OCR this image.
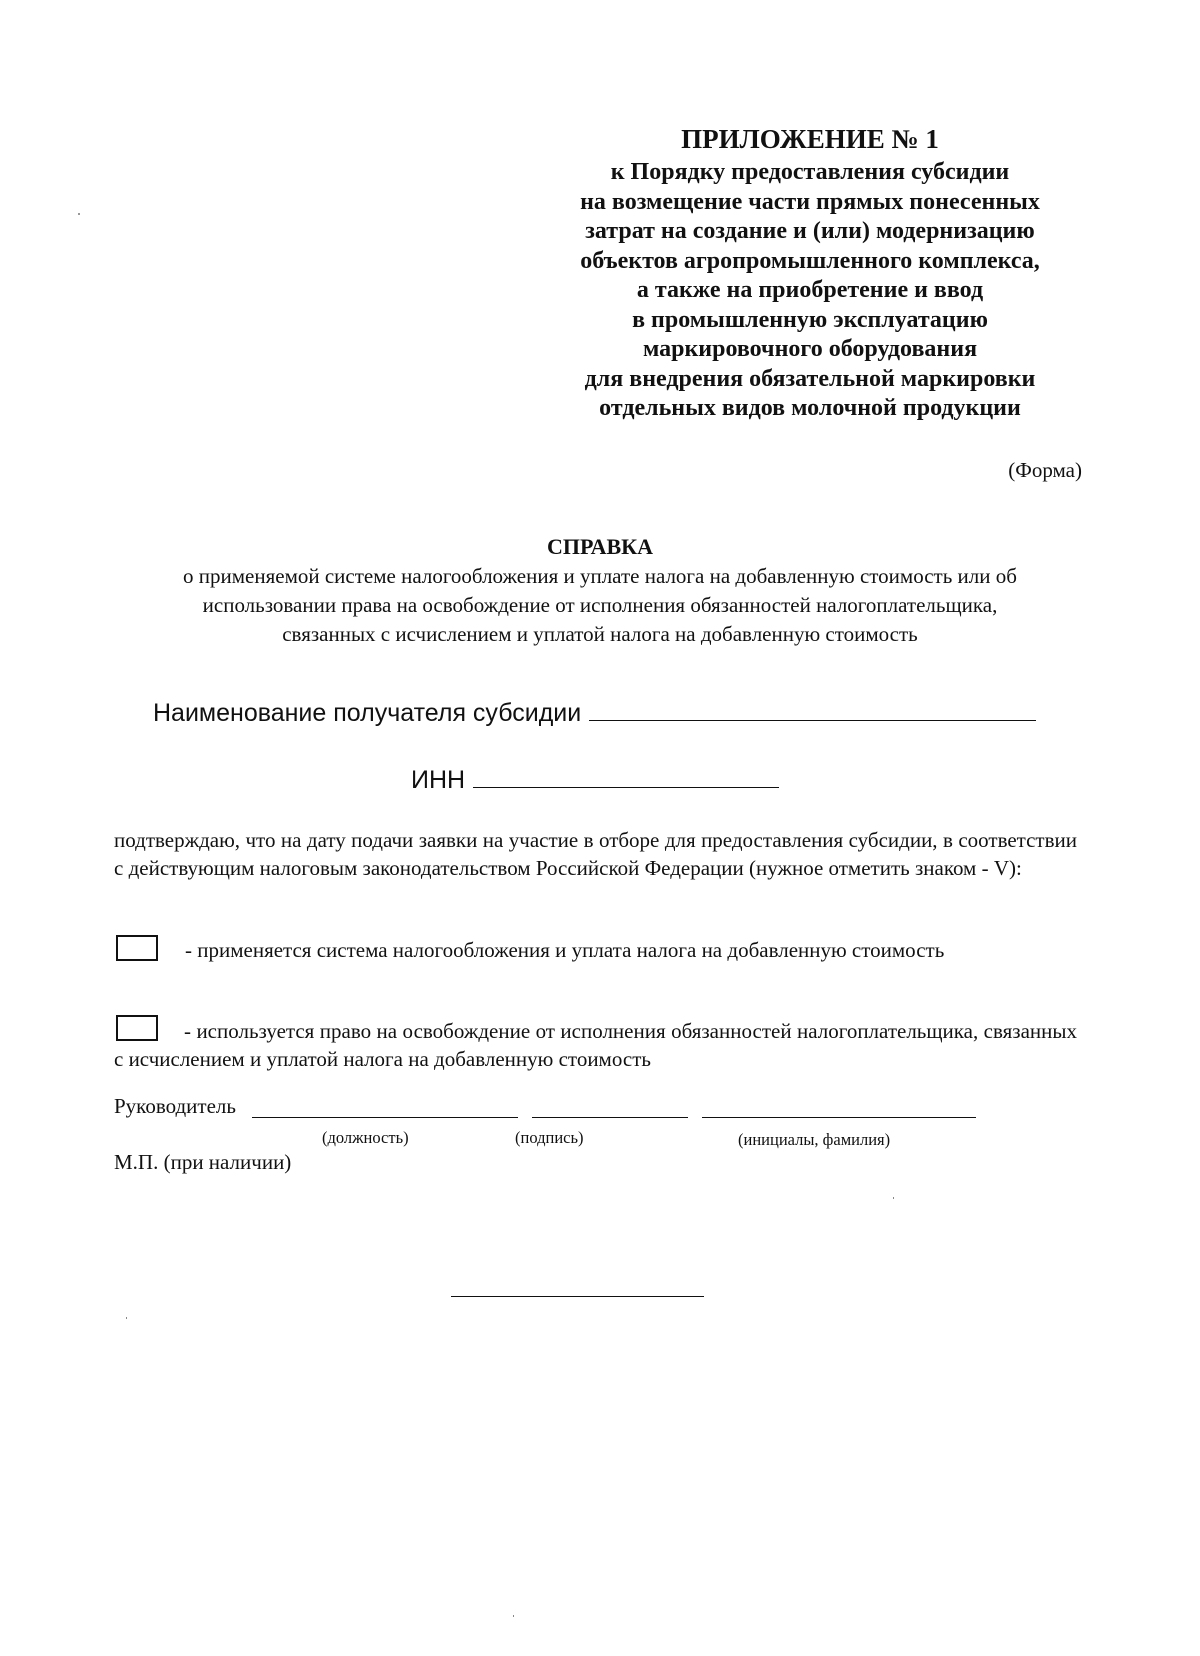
ПРИЛОЖЕНИЕ № 1
к Порядку предоставления субсидии
на возмещение части прямых понесенных
затрат на создание и (или) модернизацию
объектов агропромышленного комплекса,
а также на приобретение и ввод
в промышленную эксплуатацию
маркировочного оборудования
для внедрения обязательной маркировки
отдельных видов молочной продукции
(Форма)
СПРАВКА
о применяемой системе налогообложения и уплате налога на добавленную стоимость или об
использовании права на освобождение от исполнения обязанностей налогоплательщика,
связанных с исчислением и уплатой налога на добавленную стоимость
Наименование получателя субсидии
ИНН
подтверждаю, что на дату подачи заявки на участие в отборе для предоставления субсидии, в соответствии с действующим налоговым законодательством Российской Федерации (нужное отметить знаком - V):
- применяется система налогообложения и уплата налога на добавленную стоимость
- используется право на освобождение от исполнения обязанностей налогоплательщика, связанных с исчислением и уплатой налога на добавленную стоимость
Руководитель
(должность)	(подпись)	(инициалы, фамилия)
М.П. (при наличии)
